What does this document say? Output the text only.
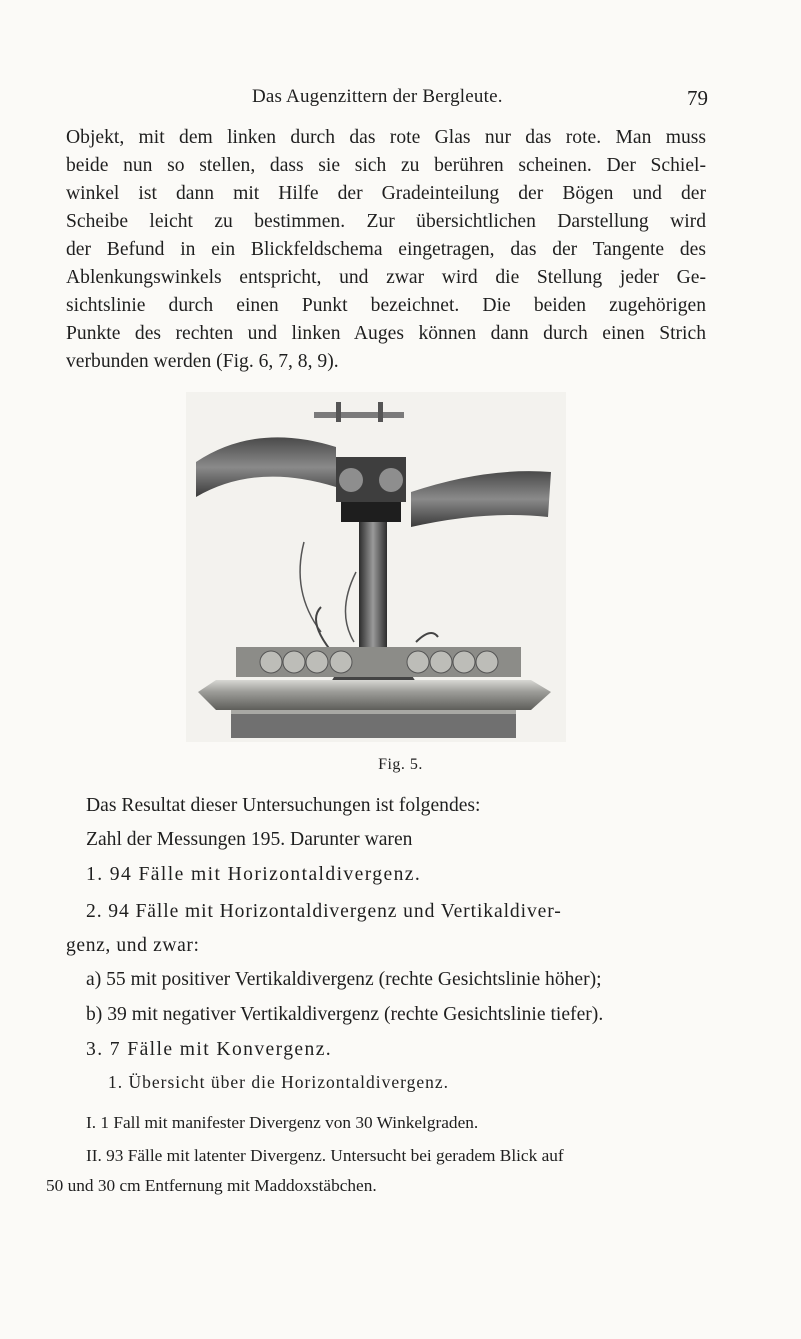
Das Augenzittern der Bergleute.	79

Objekt, mit dem linken durch das rote Glas nur das rote. Man muss
beide nun so stellen, dass sie sich zu berühren scheinen. Der Schiel-
winkel ist dann mit Hilfe der Gradeinteilung der Bögen und der
Scheibe leicht zu bestimmen. Zur übersichtlichen Darstellung wird
der Befund in ein Blickfeldschema eingetragen, das der Tangente des
Ablenkungswinkels entspricht, und zwar wird die Stellung jeder Ge-
sichtslinie durch einen Punkt bezeichnet. Die beiden zugehörigen
Punkte des rechten und linken Auges können dann durch einen Strich
verbunden werden (Fig. 6, 7, 8, 9).

Fig. 5.
Das Resultat dieser Untersuchungen ist folgendes:
Zahl der Messungen 195. Darunter waren
1. 94 Fälle mit Horizontaldivergenz.
2. 94 Fälle mit Horizontaldivergenz und Vertikaldiver-
genz, und zwar:
a) 55 mit positiver Vertikaldivergenz (rechte Gesichtslinie höher);
b) 39 mit negativer Vertikaldivergenz (rechte Gesichtslinie tiefer).
3. 7 Fälle mit Konvergenz.
1. Übersicht über die Horizontaldivergenz.
I. 1 Fall mit manifester Divergenz von 30 Winkelgraden.
II. 93 Fälle mit latenter Divergenz. Untersucht bei geradem Blick auf
50 und 30 cm Entfernung mit Maddoxstäbchen.
